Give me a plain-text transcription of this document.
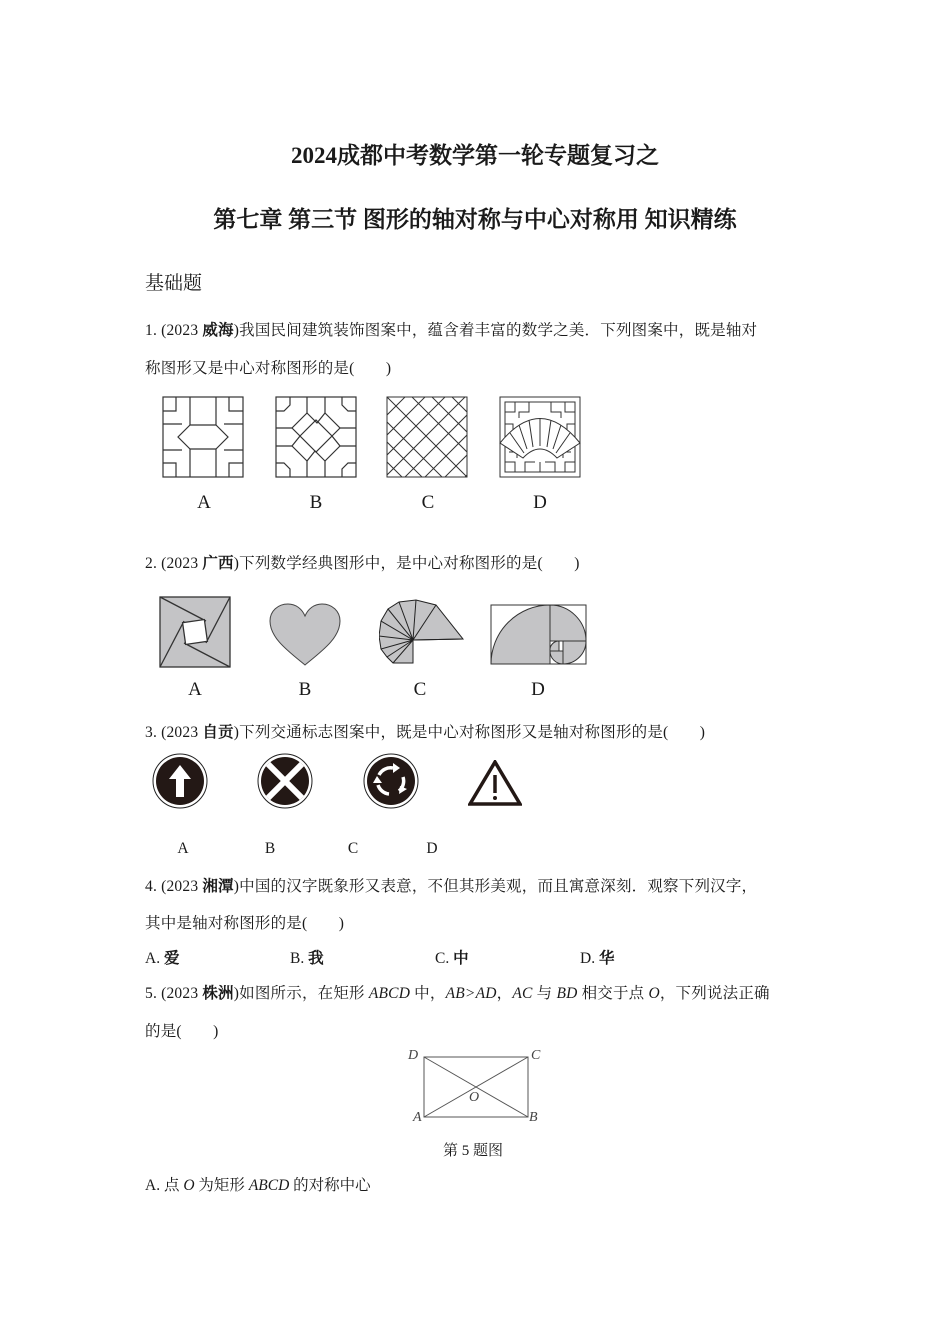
2024成都中考数学第一轮专题复习之
第七章 第三节 图形的轴对称与中心对称用 知识精练
基础题
1. (2023 威海)我国民间建筑装饰图案中，蕴含着丰富的数学之美．下列图案中，既是轴对
称图形又是中心对称图形的是(　　)
A	B	C	D
2. (2023 广西)下列数学经典图形中，是中心对称图形的是(　　)
A	B	C	D
3. (2023 自贡)下列交通标志图案中，既是中心对称图形又是轴对称图形的是(　　)
A	B	C	D
4. (2023 湘潭)中国的汉字既象形又表意，不但其形美观，而且寓意深刻．观察下列汉字，
其中是轴对称图形的是(　　)
A. 爱	B. 我	C. 中	D. 华
5. (2023 株洲)如图所示，在矩形 ABCD 中，AB>AD，AC 与 BD 相交于点 O，下列说法正确
的是(　　)
D	C
A	B
O
第 5 题图
A. 点 O 为矩形 ABCD 的对称中心
